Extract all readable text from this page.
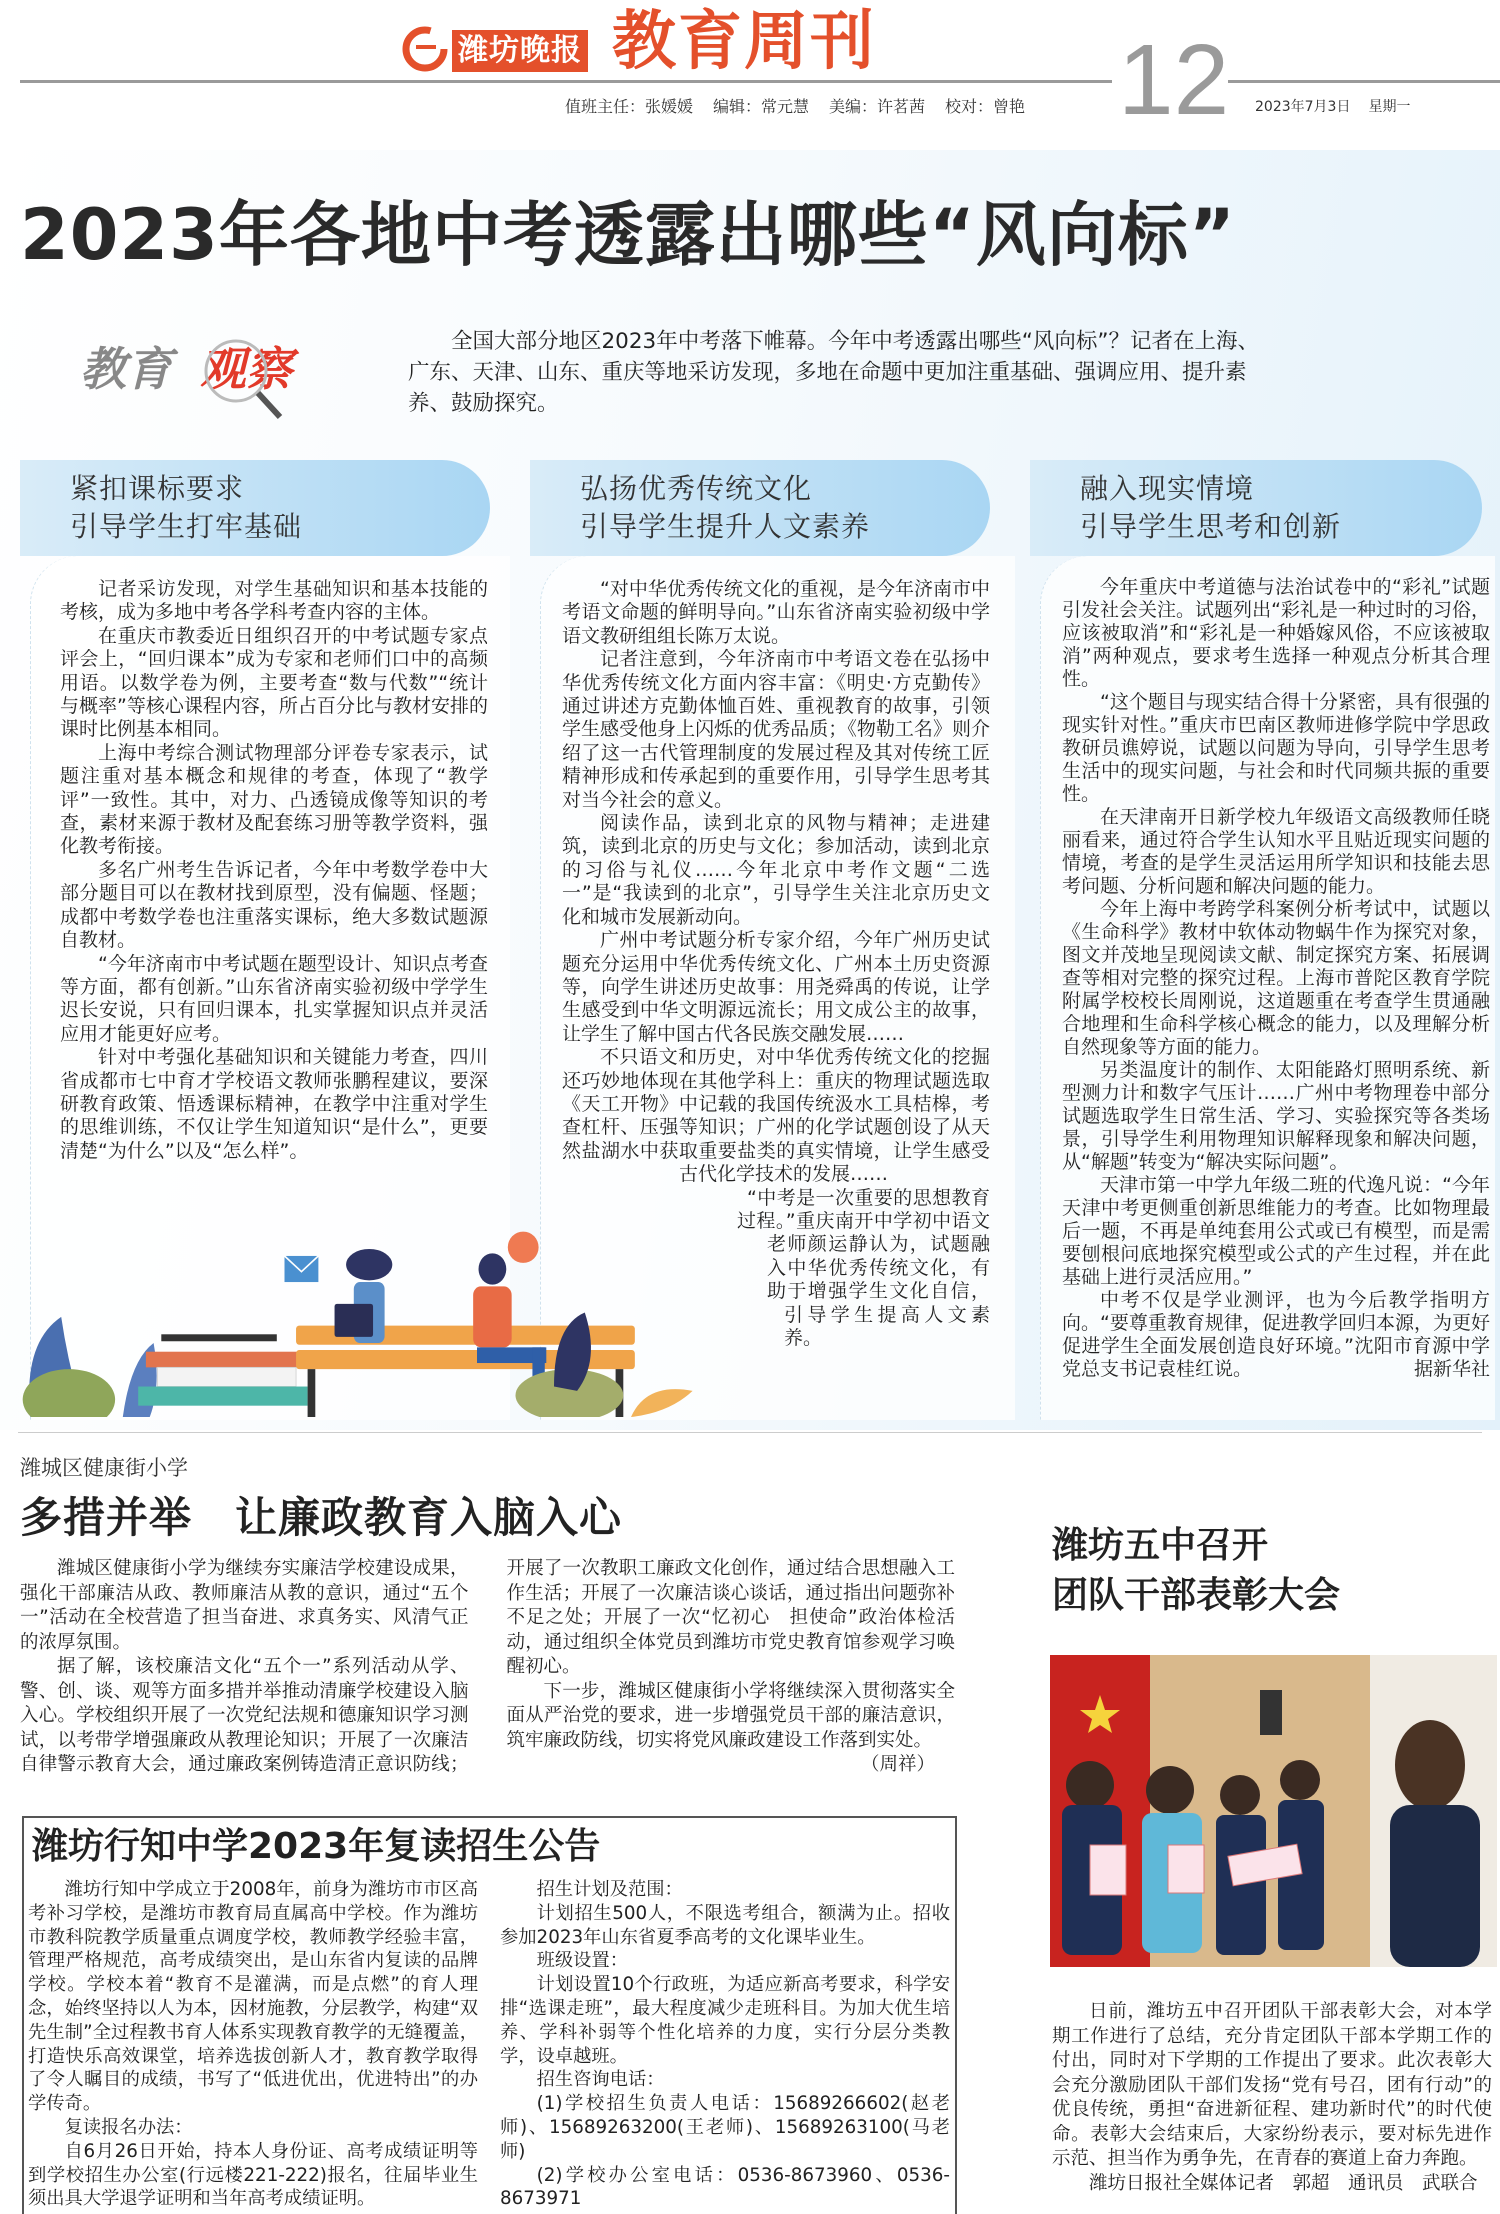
潍坊晚报 教育周刊 12
值班主任：张媛媛 编辑：常元慧 美编：许茗茜 校对：曾艳	2023年7月3日 星期一
2023年各地中考透露出哪些“风向标”
教育 观察

全国大部分地区2023年中考落下帷幕。今年中考透露出哪些“风向标”？记者在上海、广东、天津、山东、重庆等地采访发现，多地在命题中更加注重基础、强调应用、提升素养、鼓励探究。

紧扣课标要求
引导学生打牢基础

记者采访发现，对学生基础知识和基本技能的考核，成为多地中考各学科考查内容的主体。

在重庆市教委近日组织召开的中考试题专家点评会上，“回归课本”成为专家和老师们口中的高频用语。以数学卷为例，主要考查“数与代数”“统计与概率”等核心课程内容，所占百分比与教材安排的课时比例基本相同。

上海中考综合测试物理部分评卷专家表示，试题注重对基本概念和规律的考查，体现了“教学评”一致性。其中，对力、凸透镜成像等知识的考查，素材来源于教材及配套练习册等教学资料，强化教考衔接。

多名广州考生告诉记者，今年中考数学卷中大部分题目可以在教材找到原型，没有偏题、怪题；成都中考数学卷也注重落实课标，绝大多数试题源自教材。

“今年济南市中考试题在题型设计、知识点考查等方面，都有创新。”山东省济南实验初级中学学生迟长安说，只有回归课本，扎实掌握知识点并灵活应用才能更好应考。

针对中考强化基础知识和关键能力考查，四川省成都市七中育才学校语文教师张鹏程建议，要深研教育政策、悟透课标精神，在教学中注重对学生的思维训练，不仅让学生知道知识“是什么”，更要清楚“为什么”以及“怎么样”。

弘扬优秀传统文化
引导学生提升人文素养

“对中华优秀传统文化的重视，是今年济南市中考语文命题的鲜明导向。”山东省济南实验初级中学语文教研组组长陈万太说。

记者注意到，今年济南市中考语文卷在弘扬中华优秀传统文化方面内容丰富：《明史·方克勤传》通过讲述方克勤体恤百姓、重视教育的故事，引领学生感受他身上闪烁的优秀品质；《物勒工名》则介绍了这一古代管理制度的发展过程及其对传统工匠精神形成和传承起到的重要作用，引导学生思考其对当今社会的意义。

阅读作品，读到北京的风物与精神；走进建筑，读到北京的历史与文化；参加活动，读到北京的习俗与礼仪……今年北京中考作文题“二选一”是“我读到的北京”，引导学生关注北京历史文化和城市发展新动向。

广州中考试题分析专家介绍，今年广州历史试题充分运用中华优秀传统文化、广州本土历史资源等，向学生讲述历史故事：用尧舜禹的传说，让学生感受到中华文明源远流长；用文成公主的故事，让学生了解中国古代各民族交融发展……

不只语文和历史，对中华优秀传统文化的挖掘还巧妙地体现在其他学科上：重庆的物理试题选取《天工开物》中记载的我国传统汲水工具桔槔，考查杠杆、压强等知识；广州的化学试题创设了从天然盐湖水中获取重要盐类的真实情境，让学生感受古代化学技术的发展……

“中考是一次重要的思想教育过程。”重庆南开中学初中语文老师颜运静认为，试题融入中华优秀传统文化，有助于增强学生文化自信，引导学生提高人文素养。

融入现实情境
引导学生思考和创新

今年重庆中考道德与法治试卷中的“彩礼”试题引发社会关注。试题列出“彩礼是一种过时的习俗，应该被取消”和“彩礼是一种婚嫁风俗，不应该被取消”两种观点，要求考生选择一种观点分析其合理性。

“这个题目与现实结合得十分紧密，具有很强的现实针对性。”重庆市巴南区教师进修学院中学思政教研员谯婷说，试题以问题为导向，引导学生思考生活中的现实问题，与社会和时代同频共振的重要性。

在天津南开日新学校九年级语文高级教师任晓丽看来，通过符合学生认知水平且贴近现实问题的情境，考查的是学生灵活运用所学知识和技能去思考问题、分析问题和解决问题的能力。

今年上海中考跨学科案例分析考试中，试题以《生命科学》教材中软体动物蜗牛作为探究对象，图文并茂地呈现阅读文献、制定探究方案、拓展调查等相对完整的探究过程。上海市普陀区教育学院附属学校校长周刚说，这道题重在考查学生贯通融合地理和生命科学核心概念的能力，以及理解分析自然现象等方面的能力。

另类温度计的制作、太阳能路灯照明系统、新型测力计和数字气压计……广州中考物理卷中部分试题选取学生日常生活、学习、实验探究等各类场景，引导学生利用物理知识解释现象和解决问题，从“解题”转变为“解决实际问题”。

天津市第一中学九年级二班的代逸凡说：“今年天津中考更侧重创新思维能力的考查。比如物理最后一题，不再是单纯套用公式或已有模型，而是需要刨根问底地探究模型或公式的产生过程，并在此基础上进行灵活应用。”

中考不仅是学业测评，也为今后教学指明方向。“要尊重教育规律，促进教学回归本源，为更好促进学生全面发展创造良好环境。”沈阳市育源中学党总支书记袁桂红说。	据新华社
潍城区健康街小学
多措并举　让廉政教育入脑入心

潍城区健康街小学为继续夯实廉洁学校建设成果，强化干部廉洁从政、教师廉洁从教的意识，通过“五个一”活动在全校营造了担当奋进、求真务实、风清气正的浓厚氛围。

据了解，该校廉洁文化“五个一”系列活动从学、警、创、谈、观等方面多措并举推动清廉学校建设入脑入心。学校组织开展了一次党纪法规和德廉知识学习测试，以考带学增强廉政从教理论知识；开展了一次廉洁自律警示教育大会，通过廉政案例铸造清正意识防线；开展了一次教职工廉政文化创作，通过结合思想融入工作生活；开展了一次廉洁谈心谈话，通过指出问题弥补不足之处；开展了一次“忆初心　担使命”政治体检活动，通过组织全体党员到潍坊市党史教育馆参观学习唤醒初心。

下一步，潍城区健康街小学将继续深入贯彻落实全面从严治党的要求，进一步增强党员干部的廉洁意识，筑牢廉政防线，切实将党风廉政建设工作落到实处。

（周祥）
潍坊行知中学2023年复读招生公告

潍坊行知中学成立于2008年，前身为潍坊市市区高考补习学校，是潍坊市教育局直属高中学校。作为潍坊市教科院教学质量重点调度学校，教师教学经验丰富，管理严格规范，高考成绩突出，是山东省内复读的品牌学校。学校本着“教育不是灌满，而是点燃”的育人理念，始终坚持以人为本，因材施教，分层教学，构建“双先生制”全过程教书育人体系实现教育教学的无缝覆盖，打造快乐高效课堂，培养选拔创新人才，教育教学取得了令人瞩目的成绩，书写了“低进优出，优进特出”的办学传奇。

复读报名办法：

自6月26日开始，持本人身份证、高考成绩证明等到学校招生办公室(行远楼221-222)报名，往届毕业生须出具大学退学证明和当年高考成绩证明。

招生计划及范围：

计划招生500人，不限选考组合，额满为止。招收参加2023年山东省夏季高考的文化课毕业生。

班级设置：

计划设置10个行政班，为适应新高考要求，科学安排“选课走班”，最大程度减少走班科目。为加大优生培养、学科补弱等个性化培养的力度，实行分层分类教学，设卓越班。

招生咨询电话：

(1)学校招生负责人电话：15689266602(赵老师)、15689263200(王老师)、15689263100(马老师)

(2)学校办公室电话：0536-8673960、0536-8673971

潍坊五中召开
团队干部表彰大会

日前，潍坊五中召开团队干部表彰大会，对本学期工作进行了总结，充分肯定团队干部本学期工作的付出，同时对下学期的工作提出了要求。此次表彰大会充分激励团队干部们发扬“党有号召，团有行动”的优良传统，勇担“奋进新征程、建功新时代”的时代使命。表彰大会结束后，大家纷纷表示，要对标先进作示范、担当作为勇争先，在青春的赛道上奋力奔跑。

潍坊日报社全媒体记者　郭超　通讯员　武联合
